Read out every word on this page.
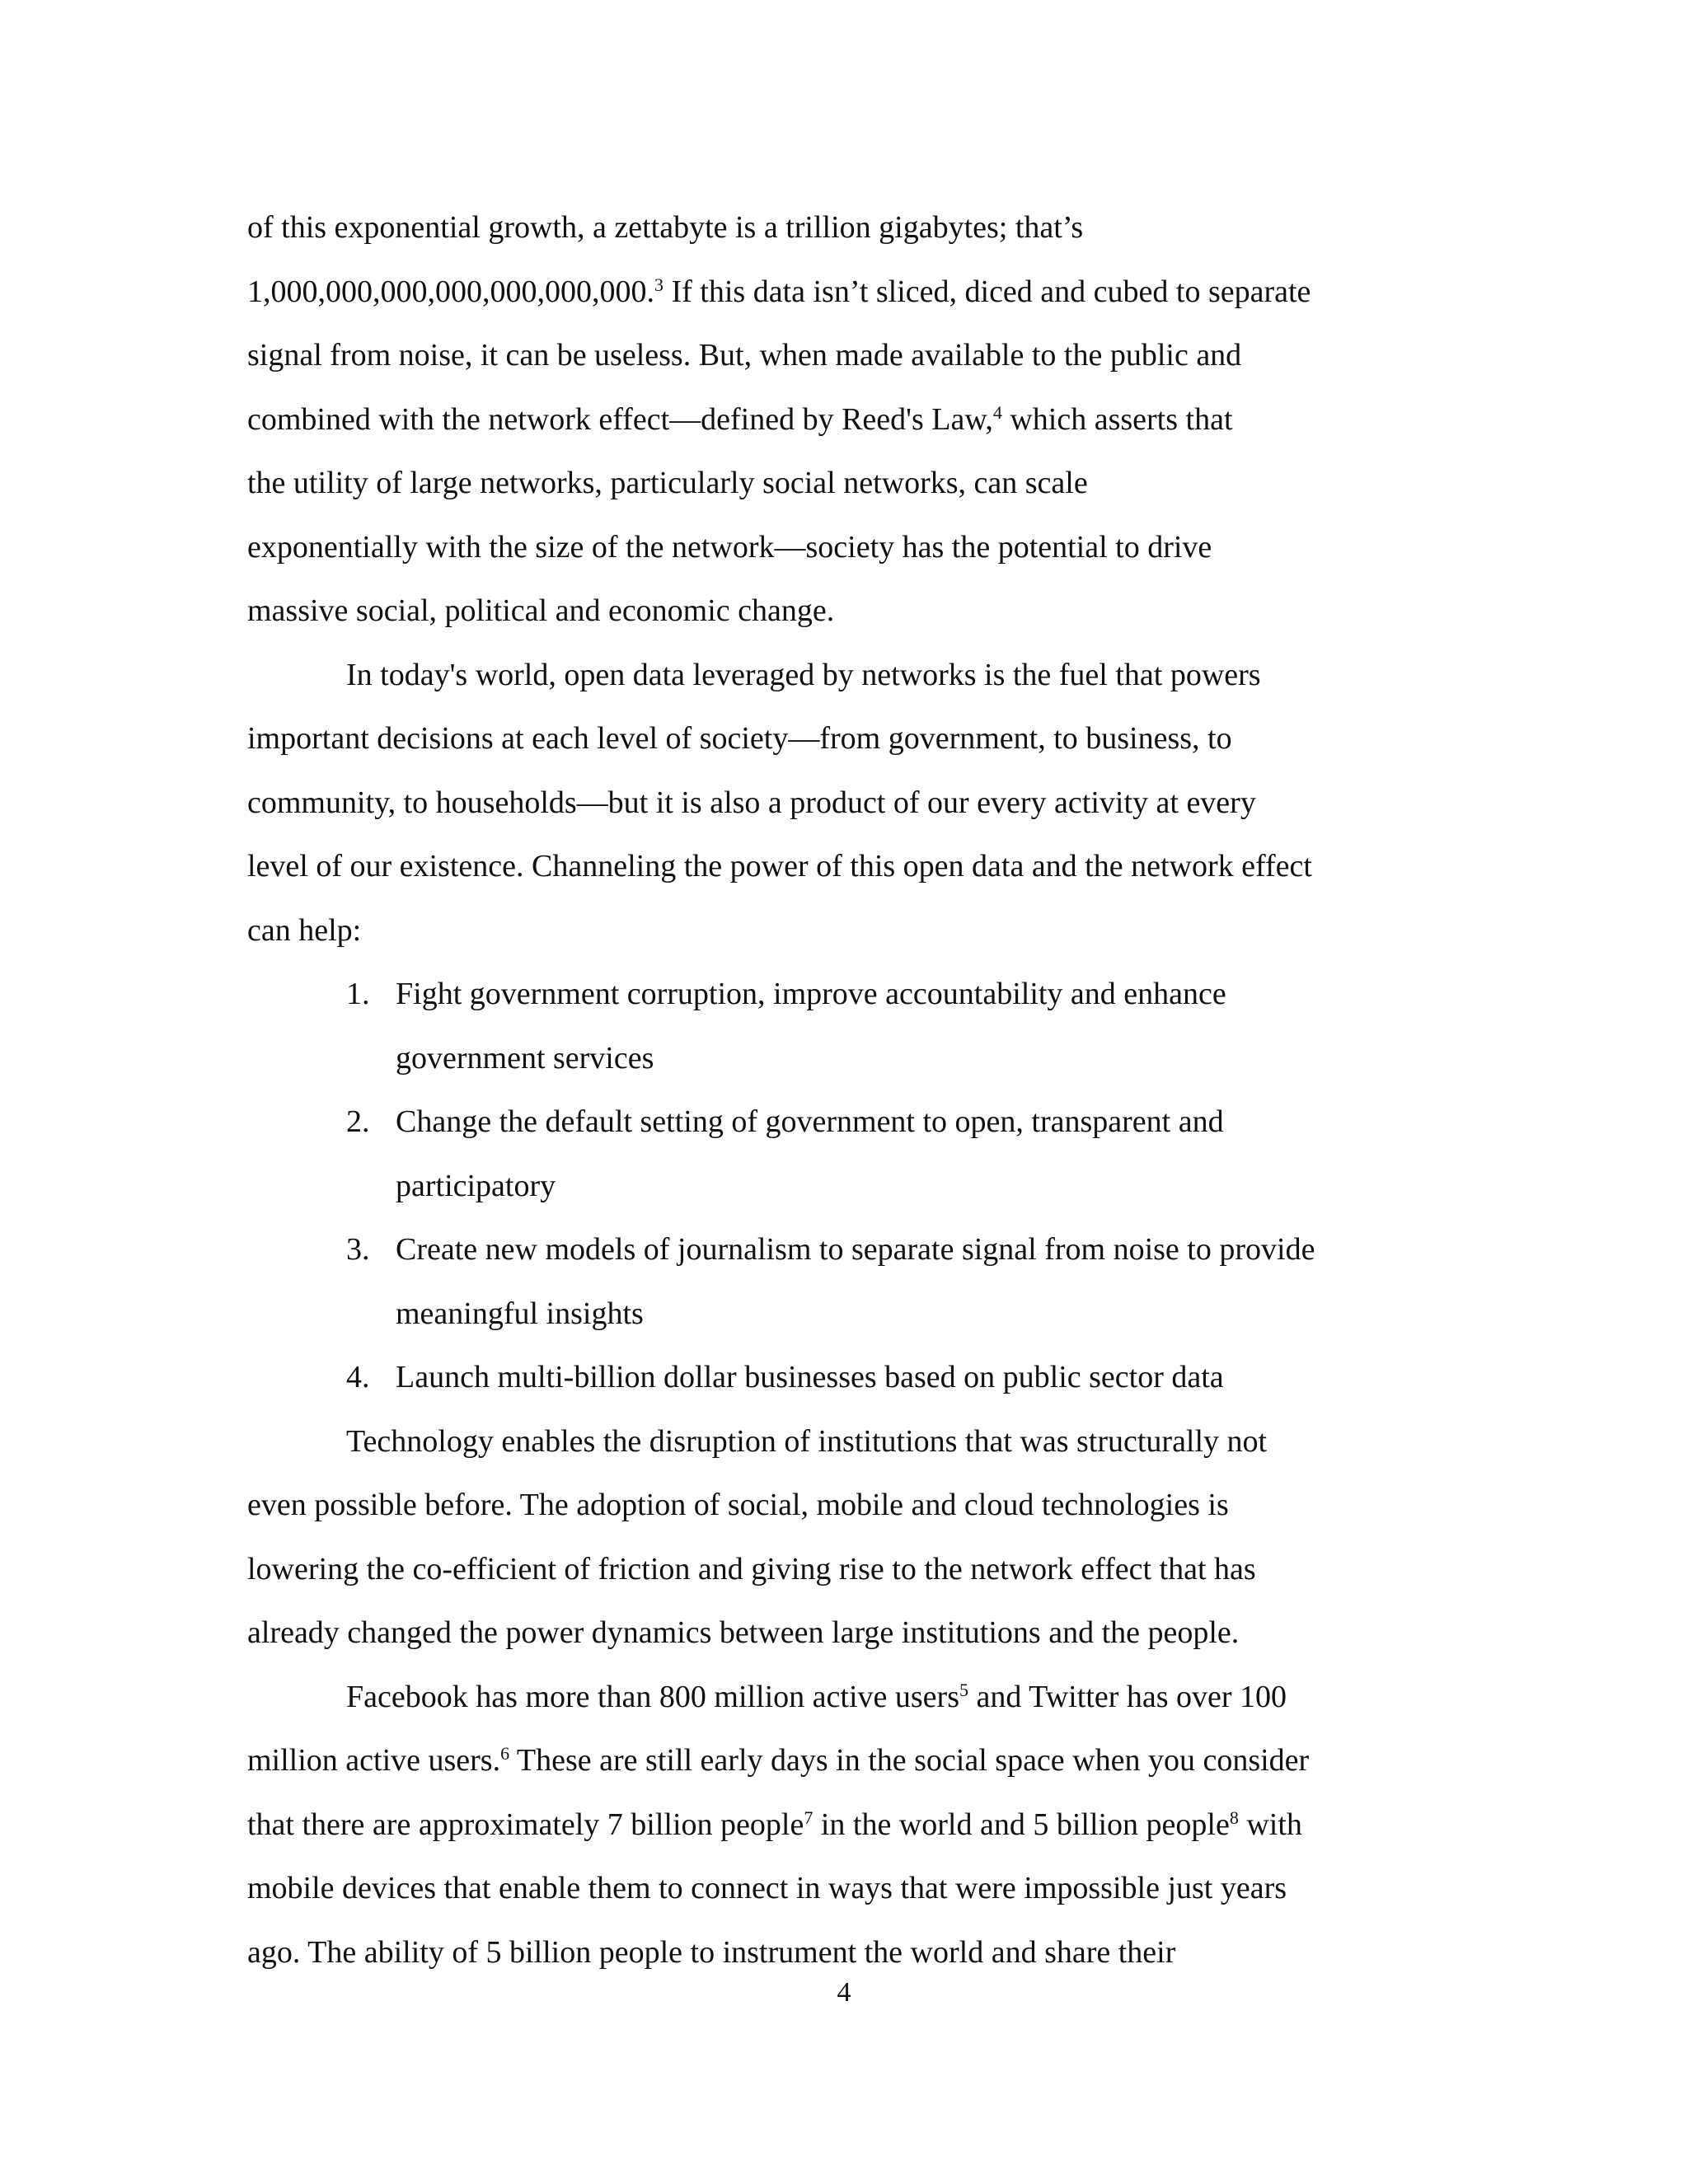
of this exponential growth, a zettabyte is a trillion gigabytes; that’s
1,000,000,000,000,000,000,000.$^3$ If this data isn’t sliced, diced and cubed to separate
signal from noise, it can be useless. But, when made available to the public and
combined with the network effect—defined by Reed's Law,$^4$ which asserts that
the utility of large networks, particularly social networks, can scale
exponentially with the size of the network—society has the potential to drive
massive social, political and economic change.
In today's world, open data leveraged by networks is the fuel that powers
important decisions at each level of society—from government, to business, to
community, to households—but it is also a product of our every activity at every
level of our existence. Channeling the power of this open data and the network effect
can help:
1. Fight government corruption, improve accountability and enhance
government services
2. Change the default setting of government to open, transparent and
participatory
3. Create new models of journalism to separate signal from noise to provide
meaningful insights
4. Launch multi-billion dollar businesses based on public sector data
Technology enables the disruption of institutions that was structurally not
even possible before. The adoption of social, mobile and cloud technologies is
lowering the co-efficient of friction and giving rise to the network effect that has
already changed the power dynamics between large institutions and the people.
Facebook has more than 800 million active users$^5$ and Twitter has over 100
million active users.$^6$ These are still early days in the social space when you consider
that there are approximately 7 billion people$^7$ in the world and 5 billion people$^8$ with
mobile devices that enable them to connect in ways that were impossible just years
ago. The ability of 5 billion people to instrument the world and share their
4
